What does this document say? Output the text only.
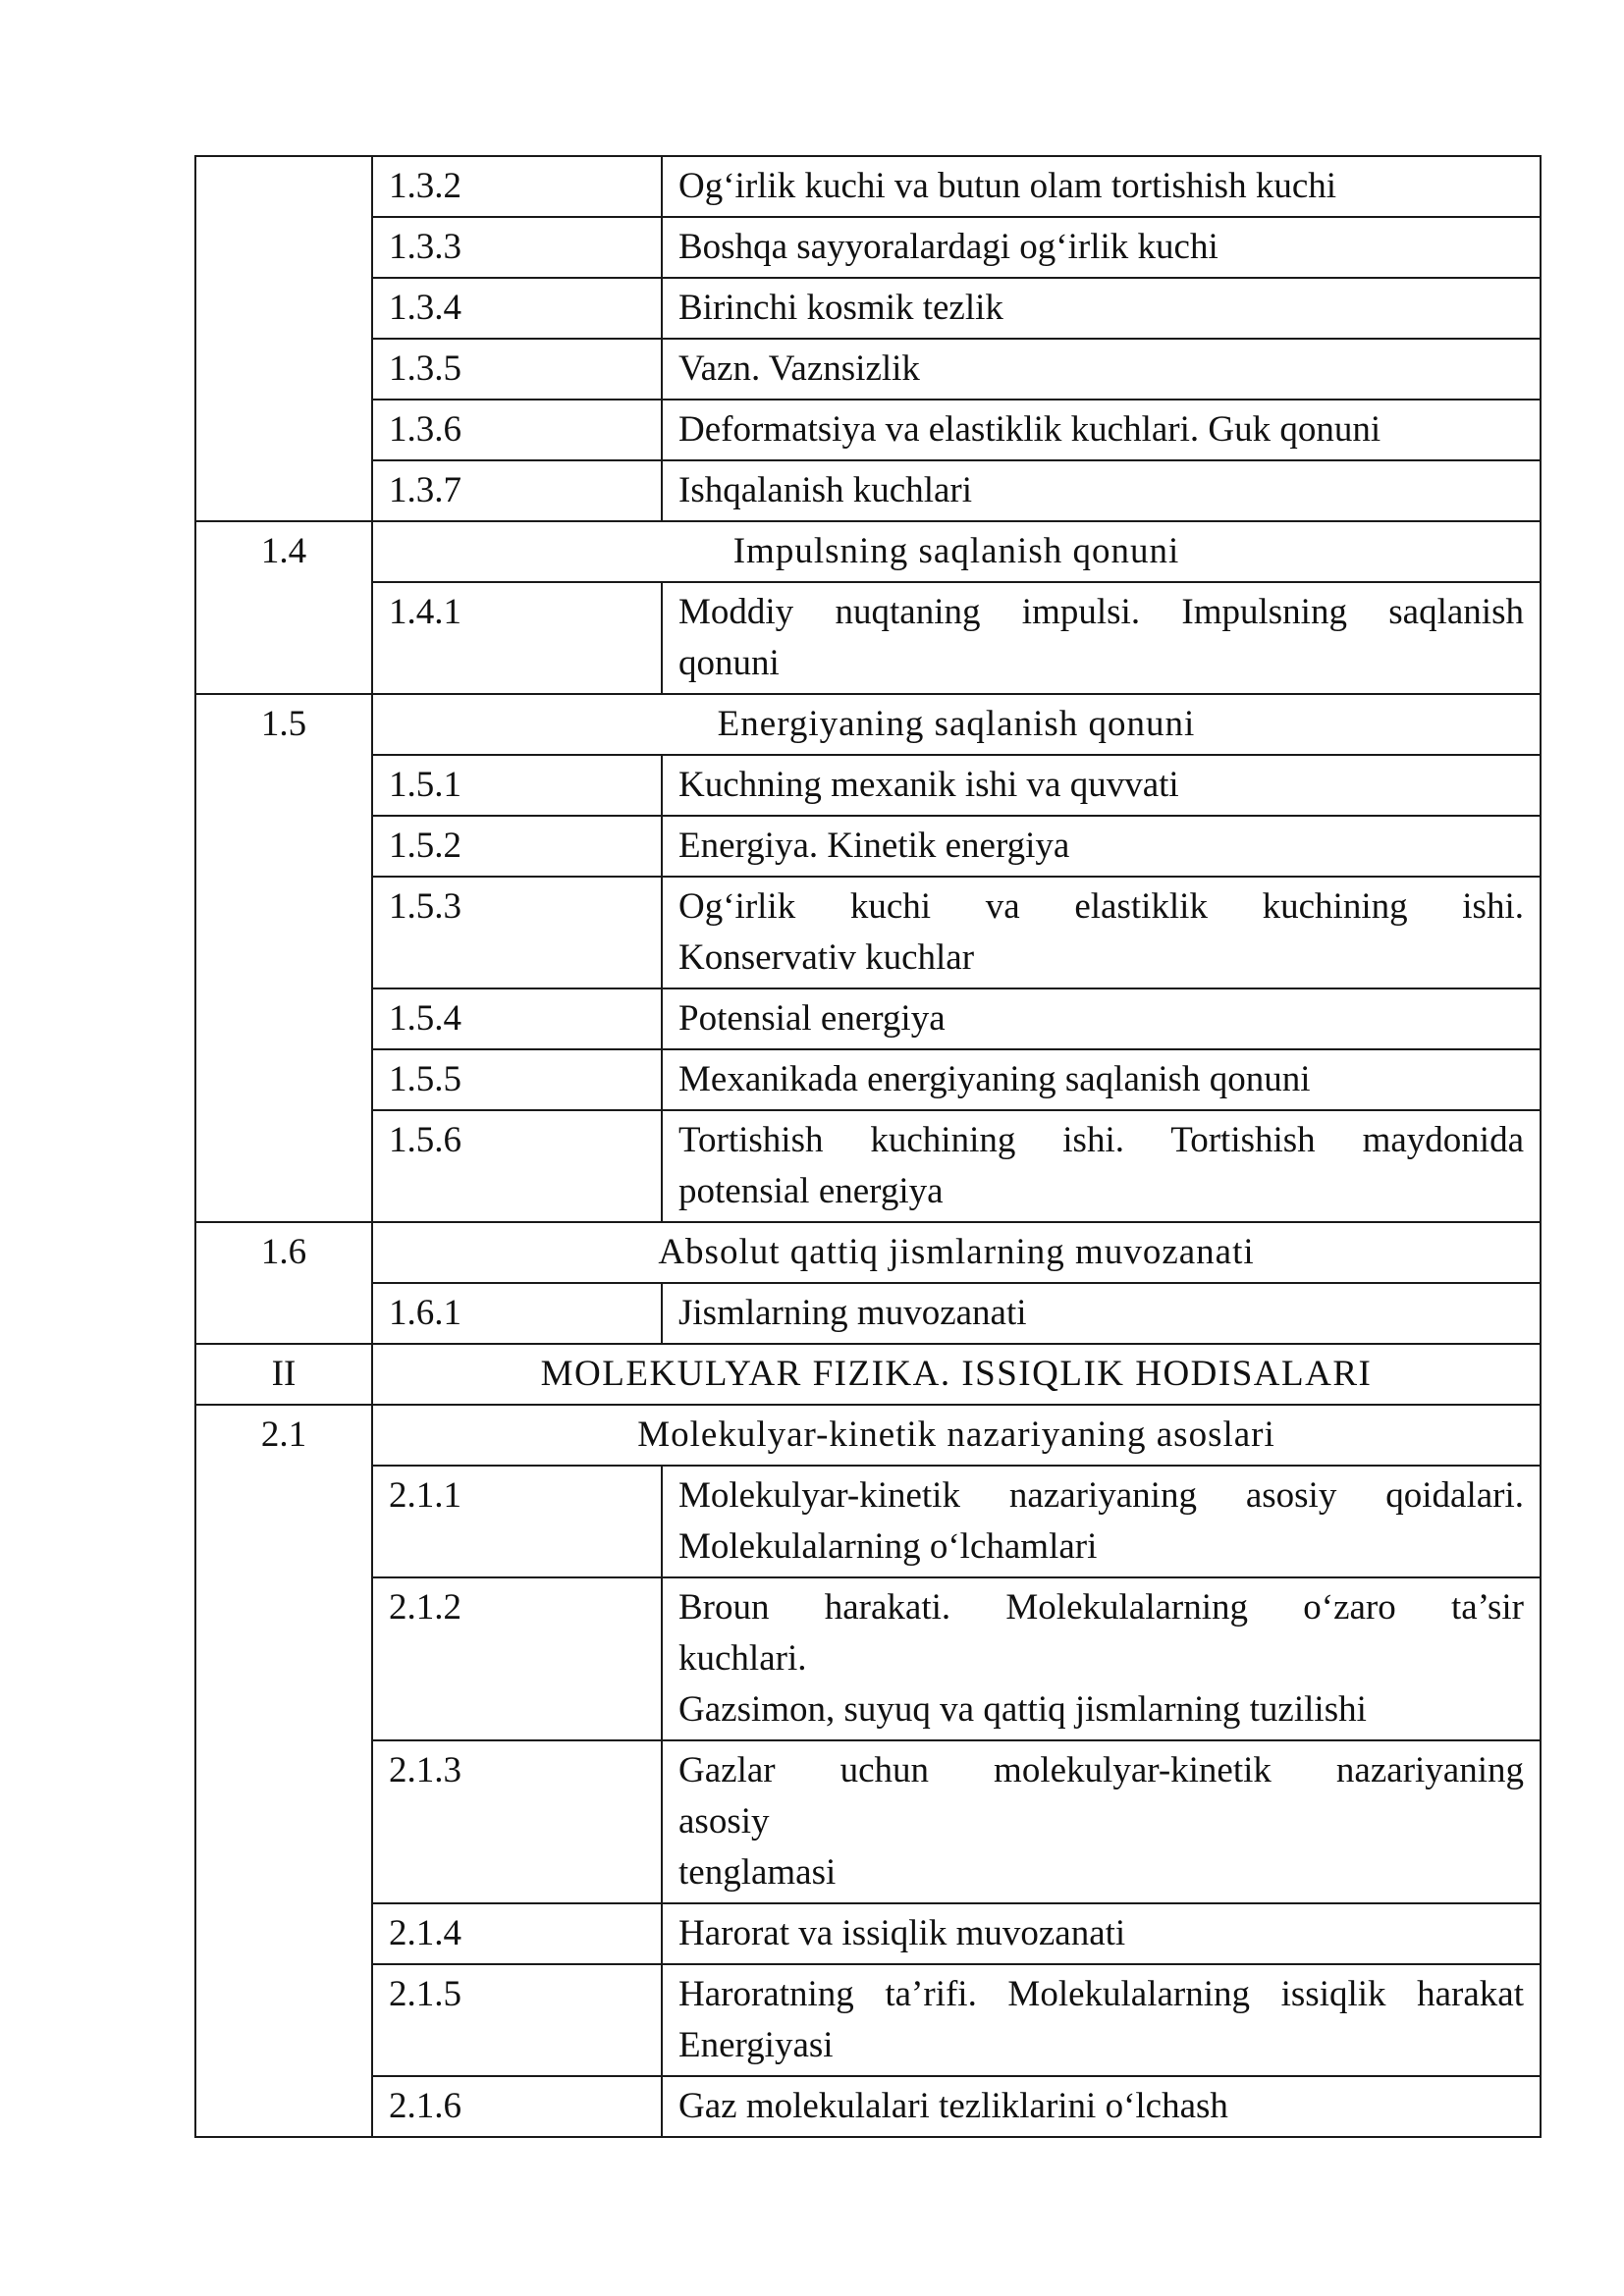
	1.3.2	Og‘irlik kuchi va butun olam tortishish kuchi

	1.3.3	Boshqa sayyoralardagi og‘irlik kuchi

	1.3.4	Birinchi kosmik tezlik

	1.3.5	Vazn. Vaznsizlik

	1.3.6	Deformatsiya va elastiklik kuchlari. Guk qonuni

	1.3.7	Ishqalanish kuchlari

1.4	Impulsning saqlanish qonuni	
	1.4.1	Moddiy nuqtaning impulsi. Impulsning saqlanish
qonuni

1.5	Energiyaning saqlanish qonuni	
	1.5.1	Kuchning mexanik ishi va quvvati

	1.5.2	Energiya. Kinetik energiya

	1.5.3	Og‘irlik kuchi va elastiklik kuchining ishi.
Konservativ kuchlar

	1.5.4	Potensial energiya

	1.5.5	Mexanikada energiyaning saqlanish qonuni

	1.5.6	Tortishish kuchining ishi. Tortishish maydonida
potensial energiya

1.6	Absolut qattiq jismlarning muvozanati	
	1.6.1	Jismlarning muvozanati

II	MOLEKULYAR FIZIKA. ISSIQLIK HODISALARI	
2.1	Molekulyar-kinetik nazariyaning asoslari	
	2.1.1	Molekulyar-kinetik nazariyaning asosiy qoidalari.
Molekulalarning o‘lchamlari

	2.1.2	Broun harakati. Molekulalarning o‘zaro ta’sir
kuchlari.
Gazsimon, suyuq va qattiq jismlarning tuzilishi

	2.1.3	Gazlar uchun molekulyar-kinetik nazariyaning
asosiy
tenglamasi

	2.1.4	Harorat va issiqlik muvozanati

	2.1.5	Haroratning ta’rifi. Molekulalarning issiqlik harakat
Energiyasi

	2.1.6	Gaz molekulalari tezliklarini o‘lchash
